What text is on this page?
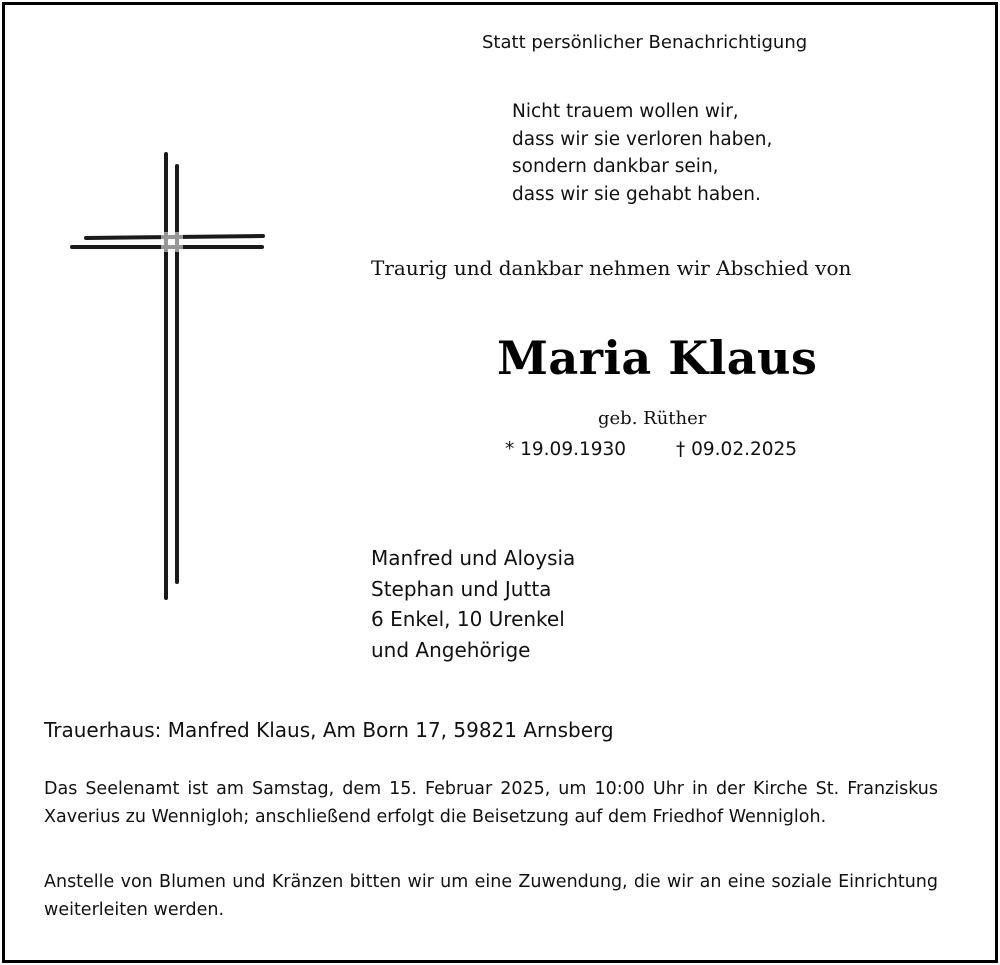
Statt persönlicher Benachrichtigung
Nicht trauem wollen wir,
dass wir sie verloren haben,
sondern dankbar sein,
dass wir sie gehabt haben.
Traurig und dankbar nehmen wir Abschied von
Maria Klaus
geb. Rüther
* 19.09.1930	† 09.02.2025
Manfred und Aloysia
Stephan und Jutta
6 Enkel, 10 Urenkel
und Angehörige
Trauerhaus: Manfred Klaus, Am Born 17, 59821 Arnsberg
Das Seelenamt ist am Samstag, dem 15. Februar 2025, um 10:00 Uhr in der Kirche St. Franziskus Xaverius zu Wennigloh; anschließend erfolgt die Beisetzung auf dem Friedhof Wennigloh.
Anstelle von Blumen und Kränzen bitten wir um eine Zuwendung, die wir an eine soziale Einrichtung weiterleiten werden.
